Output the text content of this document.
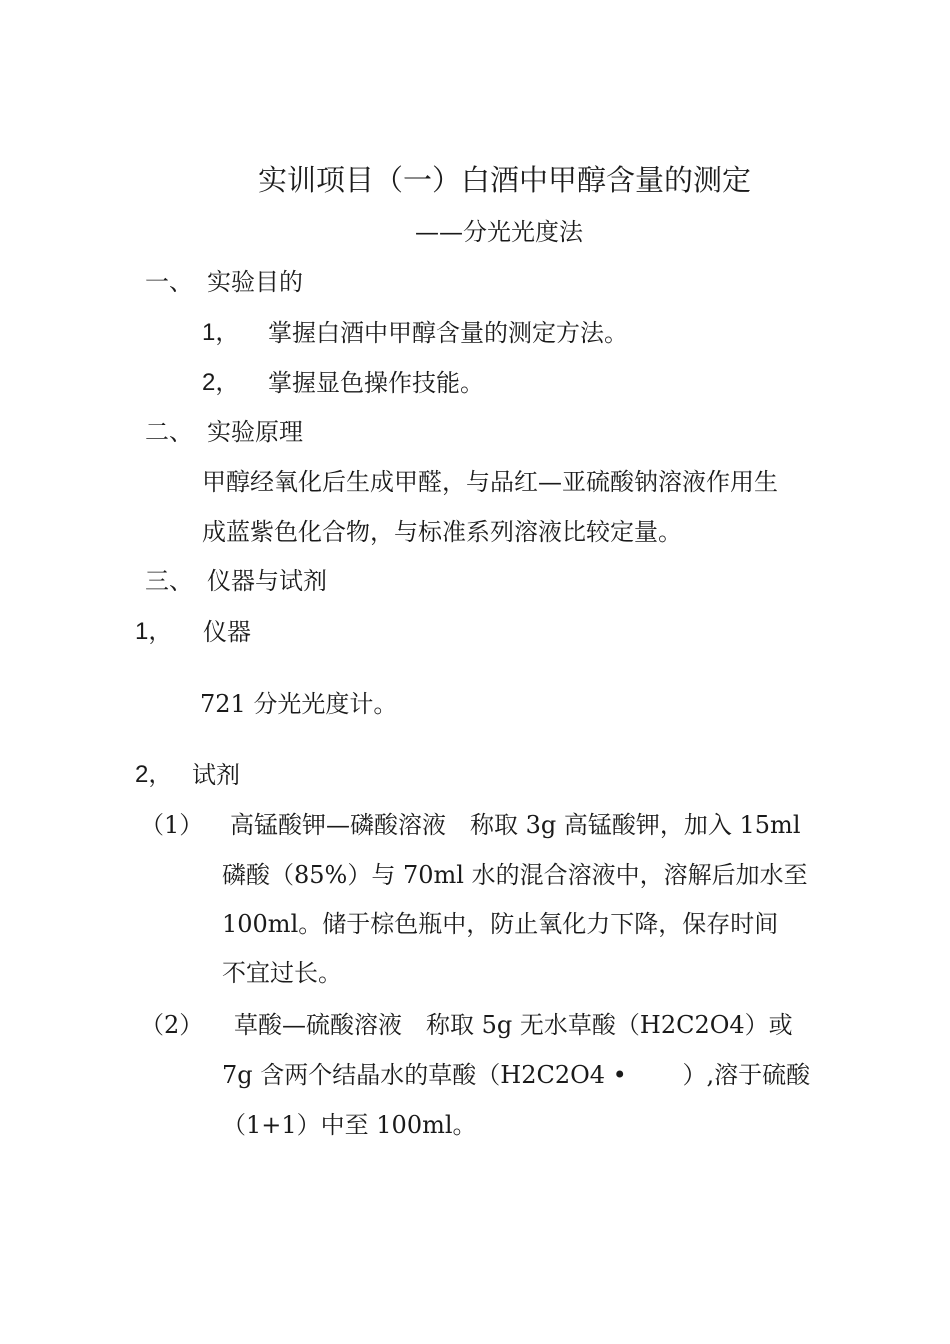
实训项目（一）白酒中甲醇含量的测定
——分光光度法
一、 实验目的
1， 掌握白酒中甲醇含量的测定方法。
2， 掌握显色操作技能。
二、 实验原理
甲醇经氧化后生成甲醛，与品红—亚硫酸钠溶液作用生
成蓝紫色化合物，与标准系列溶液比较定量。
三、 仪器与试剂
1， 仪器
721 分光光度计。
2， 试剂
（1） 高锰酸钾—磷酸溶液　称取 3g 高锰酸钾，加入 15ml
磷酸（85%）与 70ml 水的混合溶液中，溶解后加水至
100ml。储于棕色瓶中，防止氧化力下降，保存时间
不宜过长。
（2） 草酸—硫酸溶液　称取 5g 无水草酸（H2C2O4）或
7g 含两个结晶水的草酸（H2C2O4 •　　 ）,溶于硫酸
（1+1）中至 100ml。
